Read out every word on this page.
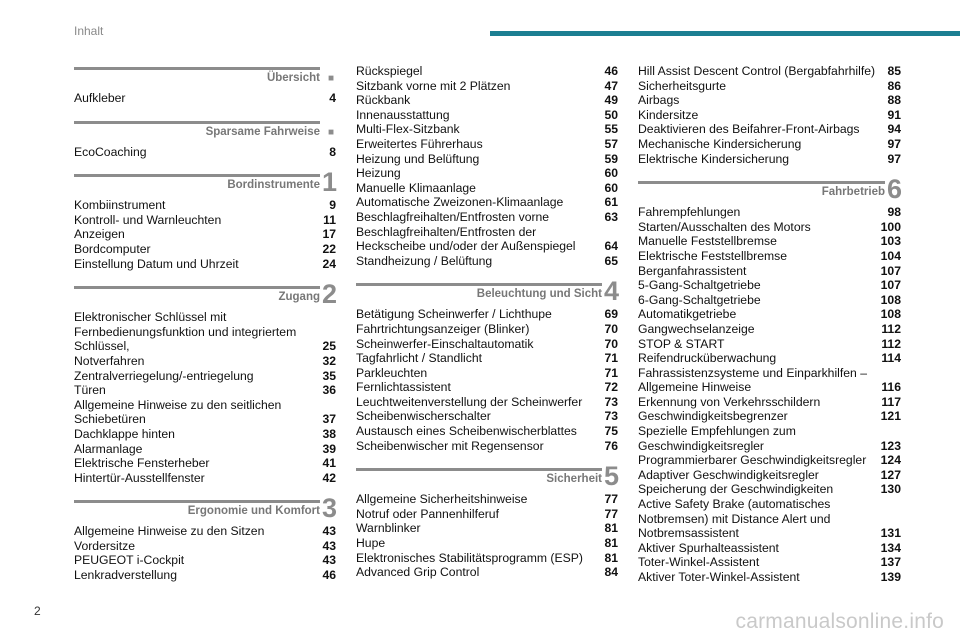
Inhalt
Übersicht ■
Aufkleber	4
Sparsame Fahrweise ■
EcoCoaching	8
Bordinstrumente 1
Kombiinstrument	9
Kontroll- und Warnleuchten	11
Anzeigen	17
Bordcomputer	22
Einstellung Datum und Uhrzeit	24
Zugang 2
Elektronischer Schlüssel mit Fernbedienungsfunktion und integriertem Schlüssel,	25
Notverfahren	32
Zentralverriegelung/-entriegelung	35
Türen	36
Allgemeine Hinweise zu den seitlichen Schiebetüren	37
Dachklappe hinten	38
Alarmanlage	39
Elektrische Fensterheber	41
Hintertür-Ausstellfenster	42
Ergonomie und Komfort 3
Allgemeine Hinweise zu den Sitzen	43
Vordersitze	43
PEUGEOT i-Cockpit	43
Lenkradverstellung	46
Rückspiegel	46
Sitzbank vorne mit 2 Plätzen	47
Rückbank	49
Innenausstattung	50
Multi-Flex-Sitzbank	55
Erweitertes Führerhaus	57
Heizung und Belüftung	59
Heizung	60
Manuelle Klimaanlage	60
Automatische Zweizonen-Klimaanlage	61
Beschlagfreihalten/Entfrosten vorne	63
Beschlagfreihalten/Entfrosten der Heckscheibe und/oder der Außenspiegel	64
Standheizung / Belüftung	65
Beleuchtung und Sicht 4
Betätigung Scheinwerfer / Lichthupe	69
Fahrtrichtungsanzeiger (Blinker)	70
Scheinwerfer-Einschaltautomatik	70
Tagfahrlicht / Standlicht	71
Parkleuchten	71
Fernlichtassistent	72
Leuchtweitenverstellung der Scheinwerfer	73
Scheibenwischerschalter	73
Austausch eines Scheibenwischerblattes	75
Scheibenwischer mit Regensensor	76
Sicherheit 5
Allgemeine Sicherheitshinweise	77
Notruf oder Pannenhilferuf	77
Warnblinker	81
Hupe	81
Elektronisches Stabilitätsprogramm (ESP)	81
Advanced Grip Control	84
Hill Assist Descent Control (Bergabfahrhilfe)	85
Sicherheitsgurte	86
Airbags	88
Kindersitze	91
Deaktivieren des Beifahrer-Front-Airbags	94
Mechanische Kindersicherung	97
Elektrische Kindersicherung	97
Fahrbetrieb 6
Fahrempfehlungen	98
Starten/Ausschalten des Motors	100
Manuelle Feststellbremse	103
Elektrische Feststellbremse	104
Berganfahrassistent	107
5-Gang-Schaltgetriebe	107
6-Gang-Schaltgetriebe	108
Automatikgetriebe	108
Gangwechselanzeige	112
STOP & START	112
Reifendrucküberwachung	114
Fahrassistenzsysteme und Einparkhilfen – Allgemeine Hinweise	116
Erkennung von Verkehrsschildern	117
Geschwindigkeitsbegrenzer	121
Spezielle Empfehlungen zum Geschwindigkeitsregler	123
Programmierbarer Geschwindigkeitsregler	124
Adaptiver Geschwindigkeitsregler	127
Speicherung der Geschwindigkeiten	130
Active Safety Brake (automatisches Notbremsen) mit Distance Alert und Notbremsassistent	131
Aktiver Spurhalteassistent	134
Toter-Winkel-Assistent	137
Aktiver Toter-Winkel-Assistent	139
2	carmanualsonline.info
